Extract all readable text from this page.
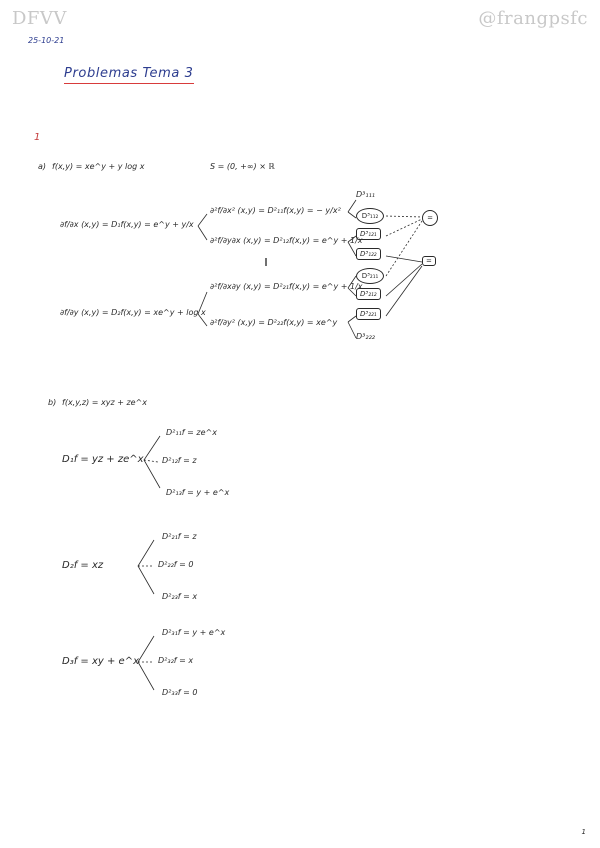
DFVV	@frangpsfc
25-10-21
Problemas Tema 3
1
a) f(x,y) = xe^y + y log x	S = (0, +∞) × ℝ
∂f/∂x (x,y) = D₁f(x,y) = e^y + y/x
∂f/∂y (x,y) = D₂f(x,y) = xe^y + log x
∂²f/∂x² (x,y) = D²₁₁f(x,y) = − y/x²
∂²f/∂y∂x (x,y) = D²₁₂f(x,y) = e^y + 1/x
‖
∂²f/∂x∂y (x,y) = D²₂₁f(x,y) = e^y + 1/x
∂²f/∂y² (x,y) = D²₂₂f(x,y) = xe^y
D³₁₁₁
D³₁₁₂
D³₁₂₁
D³₁₂₂
D³₂₁₁
D³₂₁₂
D³₂₂₁
D³₂₂₂
=
=
b) f(x,y,z) = xyz + ze^x
D₁f = yz + ze^x
D²₁₁f = ze^x
D²₁₂f = z
D²₁₃f = y + e^x
D₂f = xz
D²₂₁f = z
D²₂₂f = 0
D²₂₃f = x
D₃f = xy + e^x
D²₃₁f = y + e^x
D²₃₂f = x
D²₃₃f = 0
1
